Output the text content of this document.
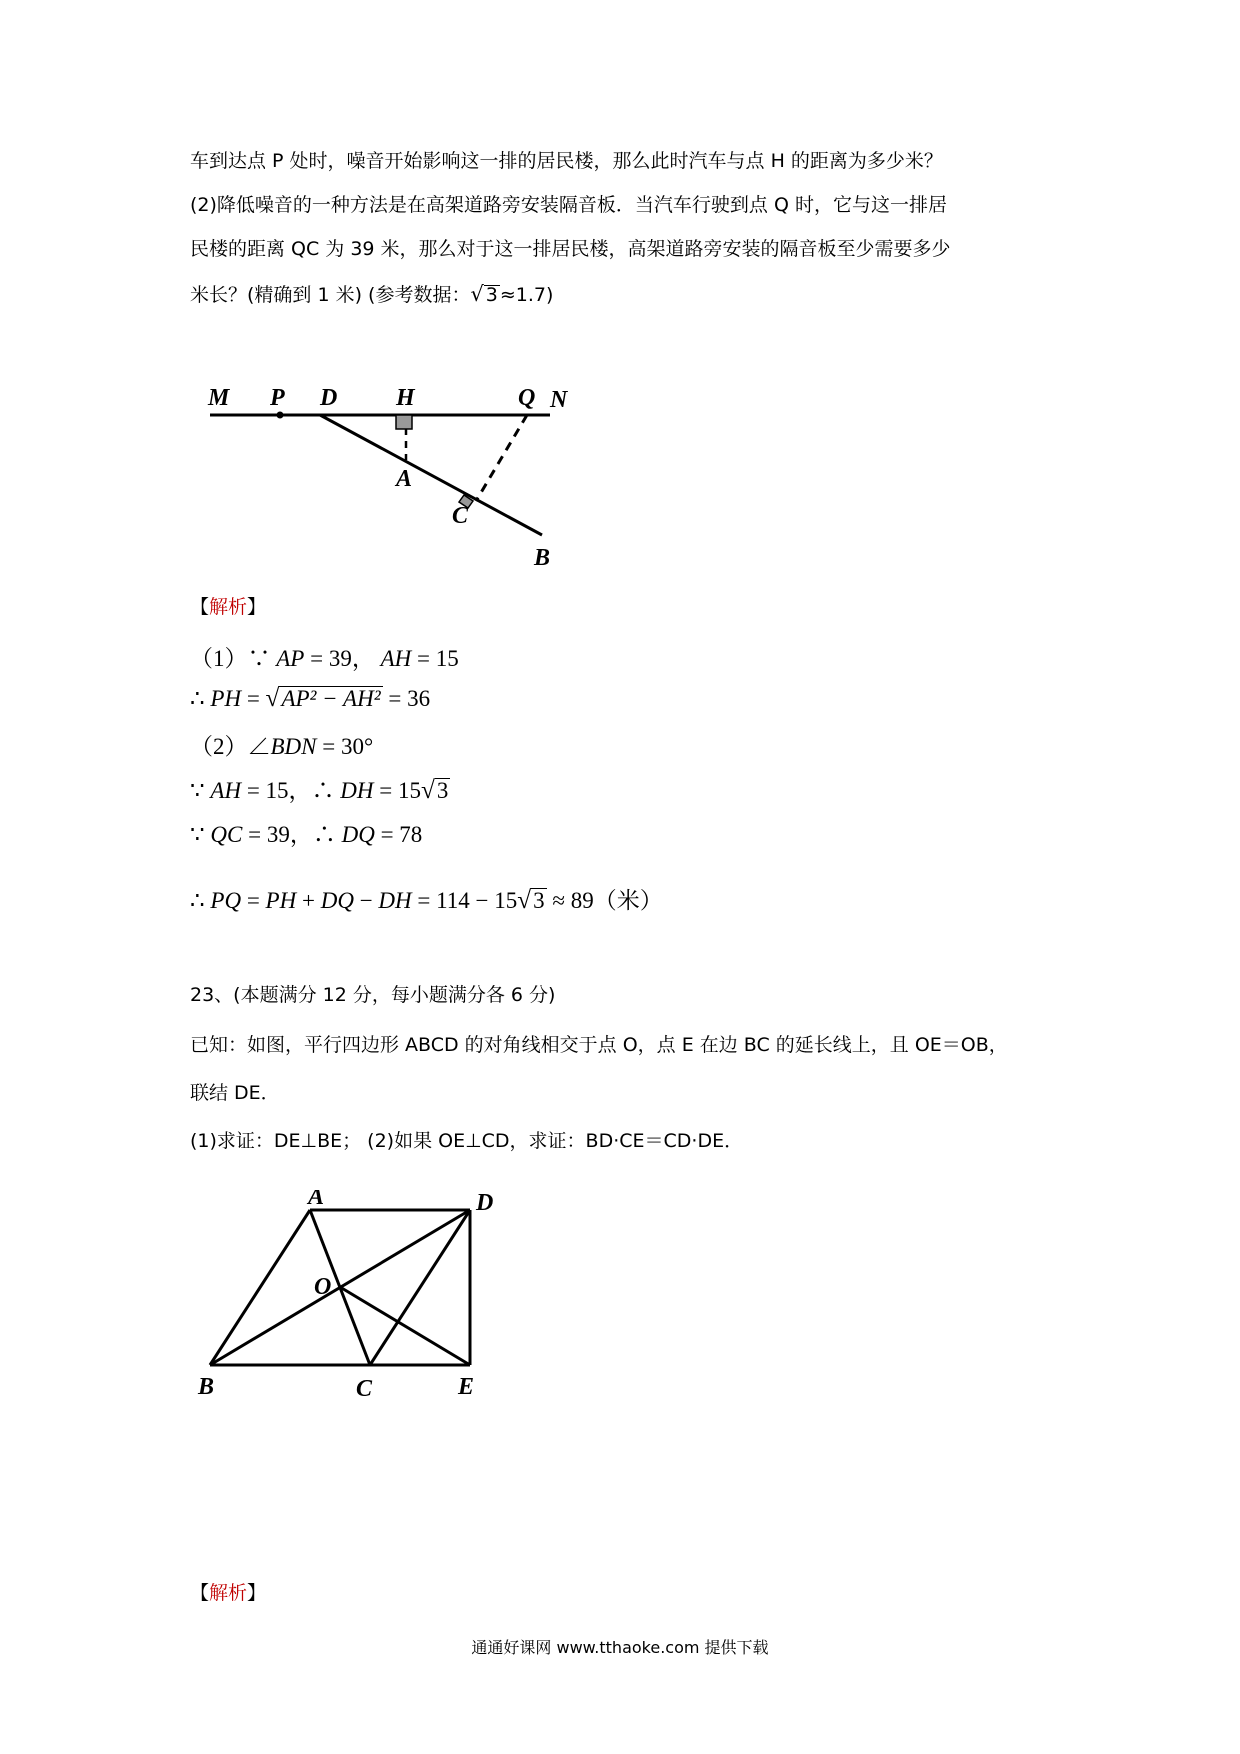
车到达点 P 处时，噪音开始影响这一排的居民楼，那么此时汽车与点 H 的距离为多少米？
(2)降低噪音的一种方法是在高架道路旁安装隔音板．当汽车行驶到点 Q 时，它与这一排居
民楼的距离 QC 为 39 米，那么对于这一排居民楼，高架道路旁安装的隔音板至少需要多少
米长？(精确到 1 米) (参考数据：√ 3 ≈1.7)
M P D H	Q N
A
C
B
【解析】
（1）∵ AP = 39， AH = 15
∴ PH = √AP² − AH² = 36
（2）∠BDN = 30°
∵ AH = 15，∴ DH = 15√3
∵ QC = 39，∴ DQ = 78
∴ PQ = PH + DQ − DH = 114 − 15√3 ≈ 89（米）
23、(本题满分 12 分，每小题满分各 6 分)
已知：如图，平行四边形 ABCD 的对角线相交于点 O，点 E 在边 BC 的延长线上，且 OE＝OB，
联结 DE．
(1)求证：DE⊥BE； (2)如果 OE⊥CD，求证：BD·CE＝CD·DE．
A	D
O
B	C	E
【解析】
通通好课网 www.tthaoke.com 提供下载
